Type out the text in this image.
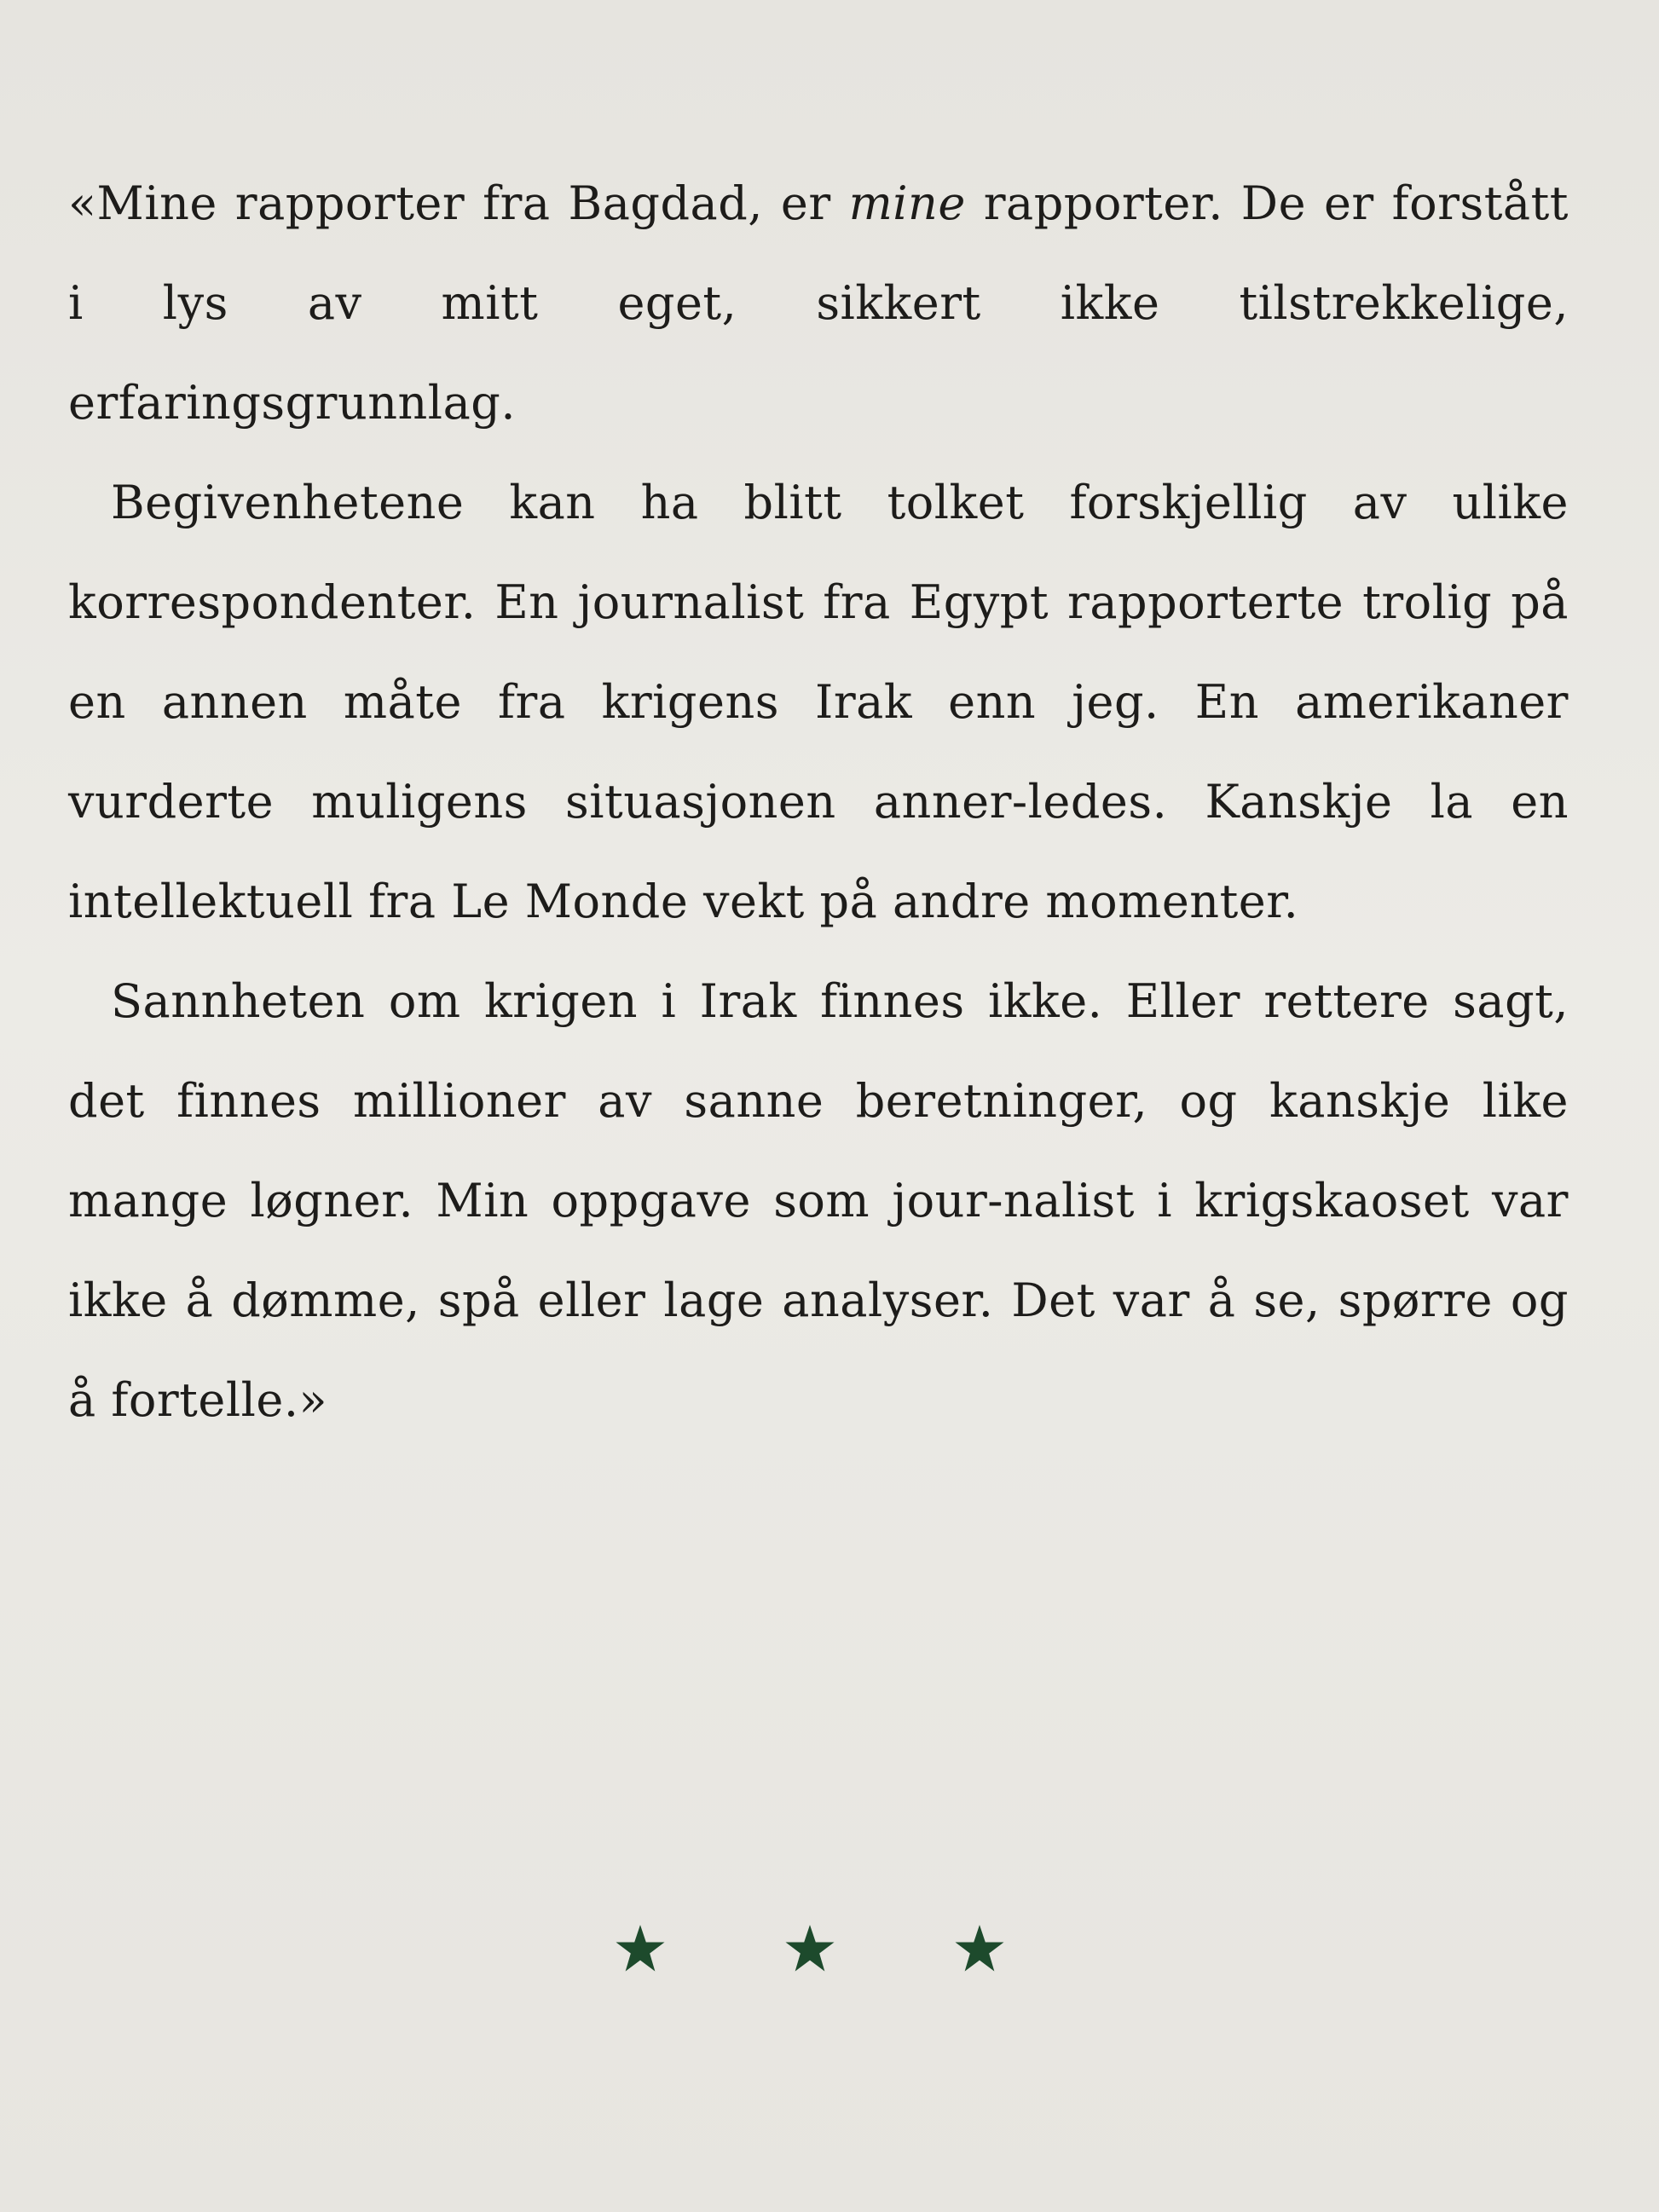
«Mine rapporter fra Bagdad, er mine rapporter. De er forstått i lys av mitt eget, sikkert ikke tilstrekkelige, erfaringsgrunnlag.

Begivenhetene kan ha blitt tolket forskjellig av ulike korrespondenter. En journalist fra Egypt rapporterte trolig på en annen måte fra krigens Irak enn jeg. En amerikaner vurderte muligens situasjonen anner-ledes. Kanskje la en intellektuell fra Le Monde vekt på andre momenter.

Sannheten om krigen i Irak finnes ikke. Eller rettere sagt, det finnes millioner av sanne beretninger, og kanskje like mange løgner. Min oppgave som jour-nalist i krigskaoset var ikke å dømme, spå eller lage analyser. Det var å se, spørre og å fortelle.»
